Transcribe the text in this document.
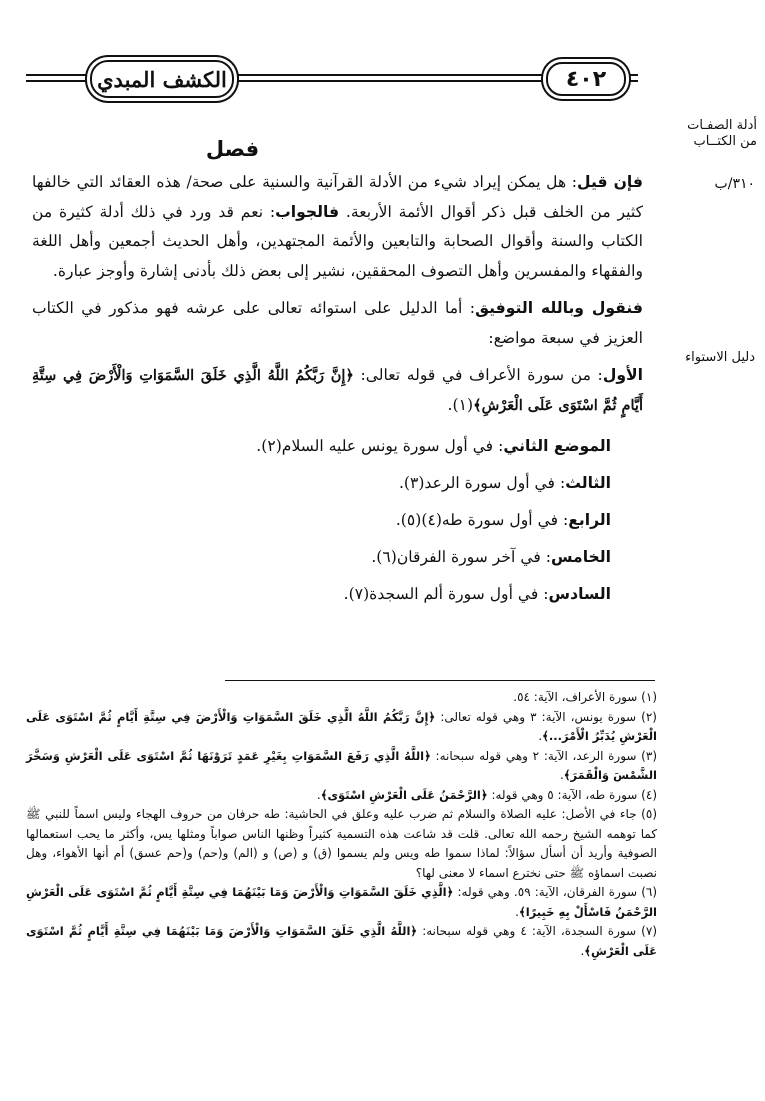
الكشف المبدي	٤٠٢
أدلة الصفـات
من الكتــاب
٣١٠/ب
دليل الاستواء
فصل

فإن قيل: هل يمكن إيراد شيء من الأدلة القرآنية والسنية على صحة/ هذه العقائد التي خالفها كثير من الخلف قبل ذكر أقوال الأئمة الأربعة. فالجواب: نعم قد ورد في ذلك أدلة كثيرة من الكتاب والسنة وأقوال الصحابة والتابعين والأئمة المجتهدين، وأهل الحديث أجمعين وأهل اللغة والفقهاء والمفسرين وأهل التصوف المحققين، نشير إلى بعض ذلك بأدنى إشارة وأوجز عبارة.

فنقول وبالله التوفيق: أما الدليل على استوائه تعالى على عرشه فهو مذكور في الكتاب العزيز في سبعة مواضع:

الأول: من سورة الأعراف في قوله تعالى: ﴿إِنَّ رَبَّكُمُ اللَّهُ الَّذِي خَلَقَ السَّمَوَاتِ وَالْأَرْضَ فِي سِتَّةِ أَيَّامٍ ثُمَّ اسْتَوَى عَلَى الْعَرْشِ﴾(١).

الموضع الثاني: في أول سورة يونس عليه السلام(٢).
الثالث: في أول سورة الرعد(٣).
الرابع: في أول سورة طه(٤)(٥).
الخامس: في آخر سورة الفرقان(٦).
السادس: في أول سورة ألم السجدة(٧).

(١) سورة الأعراف، الآية: ٥٤.

(٢) سورة يونس، الآية: ٣ وهي قوله تعالى: ﴿إِنَّ رَبَّكُمُ اللَّهُ الَّذِي خَلَقَ السَّمَوَاتِ وَالْأَرْضَ فِي سِتَّةِ أَيَّامٍ ثُمَّ اسْتَوَى عَلَى الْعَرْشِ يُدَبِّرُ الْأَمْرَ...﴾.

(٣) سورة الرعد، الآية: ٢ وهي قوله سبحانه: ﴿اللَّهُ الَّذِي رَفَعَ السَّمَوَاتِ بِغَيْرِ عَمَدٍ تَرَوْنَهَا ثُمَّ اسْتَوَى عَلَى الْعَرْشِ وَسَخَّرَ الشَّمْسَ وَالْقَمَرَ﴾.

(٤) سورة طه، الآية: ٥ وهي قوله: ﴿الرَّحْمَنُ عَلَى الْعَرْشِ اسْتَوَى﴾.

(٥) جاء في الأصل: عليه الصلاة والسلام ثم ضرب عليه وعلق في الحاشية: طه حرفان من حروف الهجاء وليس اسماً للنبي ﷺ كما توهمه الشيخ رحمه الله تعالى. قلت قد شاعت هذه التسمية كثيراً وظنها الناس صواباً ومثلها يس، وأكثر ما يحب استعمالها الصوفية وأريد أن أسأل سؤالاً: لماذا سموا طه ويس ولم يسموا (ق) و (ص) و (الم) و(حم) و(حم عسق) أم أنها الأهواء، وهل نصبت اسماؤه ﷺ حتى نخترع اسماء لا معنى لها؟

(٦) سورة الفرقان، الآية: ٥٩. وهي قوله: ﴿الَّذِي خَلَقَ السَّمَوَاتِ وَالْأَرْضَ وَمَا بَيْنَهُمَا فِي سِتَّةِ أَيَّامٍ ثُمَّ اسْتَوَى عَلَى الْعَرْشِ الرَّحْمَنُ فَاسْأَلْ بِهِ خَبِيرًا﴾.

(٧) سورة السجدة، الآية: ٤ وهي قوله سبحانه: ﴿اللَّهُ الَّذِي خَلَقَ السَّمَوَاتِ وَالْأَرْضَ وَمَا بَيْنَهُمَا فِي سِتَّةِ أَيَّامٍ ثُمَّ اسْتَوَى عَلَى الْعَرْشِ﴾.
